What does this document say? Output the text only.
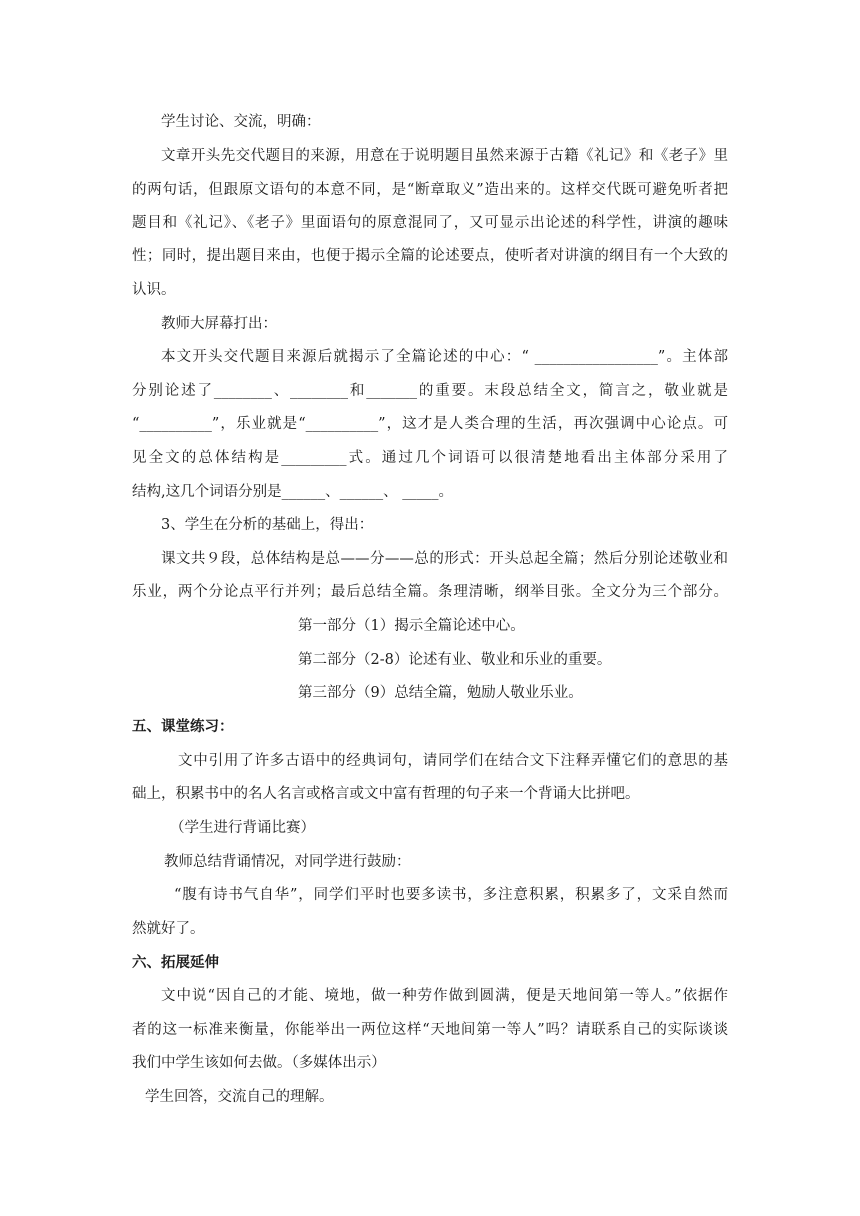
学生讨论、交流，明确：
文章开头先交代题目的来源，用意在于说明题目虽然来源于古籍《礼记》和《老子》里
的两句话，但跟原文语句的本意不同，是“断章取义”造出来的。这样交代既可避免听者把
题目和《礼记》、《老子》里面语句的原意混同了，又可显示出论述的科学性，讲演的趣味
性；同时，提出题目来由，也便于揭示全篇的论述要点，使听者对讲演的纲目有一个大致的
认识。
教师大屏幕打出：
本文开头交代题目来源后就揭示了全篇论述的中心：“ _________________”。主体部
分别论述了________、________和_______的重要。末段总结全文，简言之，敬业就是
“__________”，乐业就是“__________”，这才是人类合理的生活，再次强调中心论点。可
见全文的总体结构是_________式。通过几个词语可以很清楚地看出主体部分采用了
结构,这几个词语分别是______、______、 _____。
3、学生在分析的基础上，得出：
课文共９段，总体结构是总——分——总的形式：开头总起全篇；然后分别论述敬业和
乐业，两个分论点平行并列；最后总结全篇。条理清晰，纲举目张。全文分为三个部分。
第一部分（1）揭示全篇论述中心。
第二部分（2-8）论述有业、敬业和乐业的重要。
第三部分（9）总结全篇，勉励人敬业乐业。
五、课堂练习：
文中引用了许多古语中的经典词句，请同学们在结合文下注释弄懂它们的意思的基
础上，积累书中的名人名言或格言或文中富有哲理的句子来一个背诵大比拼吧。
（学生进行背诵比赛）
教师总结背诵情况，对同学进行鼓励：
“腹有诗书气自华”，同学们平时也要多读书，多注意积累，积累多了，文采自然而
然就好了。
六、拓展延伸
文中说“因自己的才能、境地，做一种劳作做到圆满，便是天地间第一等人。”依据作
者的这一标准来衡量，你能举出一两位这样“天地间第一等人”吗？请联系自己的实际谈谈
我们中学生该如何去做。（多媒体出示）
学生回答，交流自己的理解。
